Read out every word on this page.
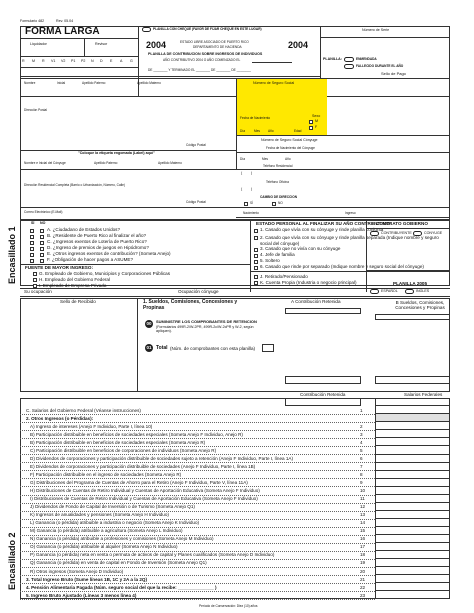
Formulario 482	Rev. 05.04
FORMA LARGA
Liquidador	Revisor
R M R V1 V2 P1 P2 N D E A G
PLANILLA CON CHEQUE (FAVOR DE FIJAR CHEQUE EN ESTE LUGAR)
2004	2004
ESTADO LIBRE ASOCIADO DE PUERTO RICO
DEPARTAMENTO DE HACIENDA
PLANILLA DE CONTRIBUCION SOBRE INGRESOS DE INDIVIDUOS
AÑO CONTRIBUTIVO 2004 O AÑO COMENZADO EL
DE ________ Y TERMINADO EL ________ DE ________ DE ________
Número de Serie
PLANILLA:	ENMENDADA
FALLECIDO DURANTE EL AÑO
Sello de Pago
Nombre	Inicial	Apellido Paterno	Apellido Materno	Número de Seguro Social
Dirección Postal
Sexo
M
F
Fecha de Nacimiento
Día	Mes Año	Edad
Número de Seguro Social Cónyuge
Código Postal
"Coloque la etiqueta engomada (Label) aquí"
Fecha de Nacimiento del Cónyuge
Día	Mes	Año
Nombre e Inicial del Cónyuge	Apellido Paterno	Apellido Materno
Teléfono Residencial
( )
Teléfono Oficina
Dirección Residencial Completa (Barrio o Urbanización, Número, Calle)
( )
CAMBIO DE DIRECCION
Código Postal	SÍ	NO
Correo Electrónico (E-Mail)	Nacimiento	Ingreso
Encasillado 1
SÍ NO
A. ¿Ciudadano de Estados Unidos?
B. ¿Residente de Puerto Rico al finalizar el año?
C. ¿Ingresos exentos de Lotería de Puerto Rico?
D. ¿Ingreso de premios de juegos en Hipódromo?
E. ¿Otros ingresos exentos de contribución? (Someta Anejo)
F. ¿Obligación de hacer pagos a ASUME?
FUENTE DE MAYOR INGRESO:
G. Empleado de Gobierno, Municipios y Corporaciones Públicas
H. Empleado del Gobierno Federal
I. Empleado de Empresa Privada
ESTADO PERSONAL AL FINALIZAR SU AÑO CONTRIBUTIVO:
1. Casado que vivía con su cónyuge y rinde planilla conjunta
2. Casado que vivía con su cónyuge y rinde planilla separada (Indique nombre y seguro social del cónyuge)
3. Casado que no vivía con su cónyuge
4. Jefe de familia
5. Soltero
6. Casado que rinde por separado (Indique nombre y seguro social del cónyuge)
J. Retirado/Pensionado
K. Cuenta Propia (Industria o negocio principal)
CONTRATO GOBIERNO
CONTRIBUYENTE	CONYUGE
PLANILLA 2005
Su ocupación	Ocupación cónyuge	ESPAÑOL	INGLES
Sello de Recibido	1. Sueldos, Comisiones, Concesiones y Propinas
A Contribución Retenida	B Sueldos, Comisiones, Concesiones y Propinas
00	SUMINISTRE LOS COMPROBANTES DE RETENCION
(Formularios 499R-2/W-2PR, 499R-2c/W-2cPR y W-2, según apliquen).
01 Total (Núm. de comprobantes con esta planilla)
Contribución Retenida	Salarios Federales
Encasillado 2
C. Salarios del Gobierno Federal (Véanse instrucciones)	1
2. Otros Ingresos (o Pérdidas):
A) Ingreso de intereses (Anejo F Individuo, Parte I, línea 10)	2
B) Participación distribuible en beneficios de sociedades especiales (Someta Anejo F Individuo, Anejo R)	3
B) Participación distribuible en beneficios de sociedades especiales (Someta Anejo R)	4
C) Participación distribuible en beneficios de corporaciones de individuos (Someta Anejo R)	5
D) Dividendos de corporaciones y participación distribuible de sociedades sujeto a retención (Anejo F Individuo, Parte I, línea 1A)	6
E) Dividendos de corporaciones y participación distribuible de sociedades (Anejo F Individuo, Parte I, línea 1B)	7
F) Participación distribuible en el ingreso de sociedades (Someta Anejo R)	8
G) Distribuciones del Programa de Cuentas de Ahorro para el Retiro (Anejo F Individuo, Parte V, línea 11A)	9
H) Distribuciones de Cuentas de Retiro Individual y Cuentas de Aportación Educativa (Someta Anejo F Individuo)	10
I) Distribuciones de Cuentas de Retiro Individual y Cuentas de Aportación Educativa (Someta Anejo F Individuo)	11
J) Dividendos de Fondo de Capital de Inversión o de Turismo (Someta Anejo Q1)	12
K) Ingresos de anualidades y pensiones (Someta Anejo H Individuo)	13
L) Ganancia (o pérdida) atribuible a industria o negocio (Someta Anejo K Individuo)	14
M) Ganancia (o pérdida) atribuible a agricultura (Someta Anejo L Individuo)	15
N) Ganancia (o pérdida) atribuible a profesiones y comisiones (Someta Anejo M Individuo)	16
O) Ganancia (o pérdida) atribuible al alquiler (Someta Anejo N Individuo)	17
P) Ganancia (o pérdida) neta en venta o permuta de activos de capital y Planes cualificados (Someta Anejo D Individuo)	18
Q) Ganancia (o pérdida) en venta de capital en Fondo de Inversión (Someta Anejo Q1)	19
R) Otros ingresos (Someta Anejo D Individuo)	20
3. Total Ingreso Bruto (Sume líneas 1B, 1C y 2A a la 2Q)	21
4. Pensión Alimentaria Pagada (Núm. seguro social del que la recibe: ______________ )	22
5. Ingreso Bruto Ajustado (Líneas 3 menos línea 4)	23
Período de Conservación: Diez (10) años
